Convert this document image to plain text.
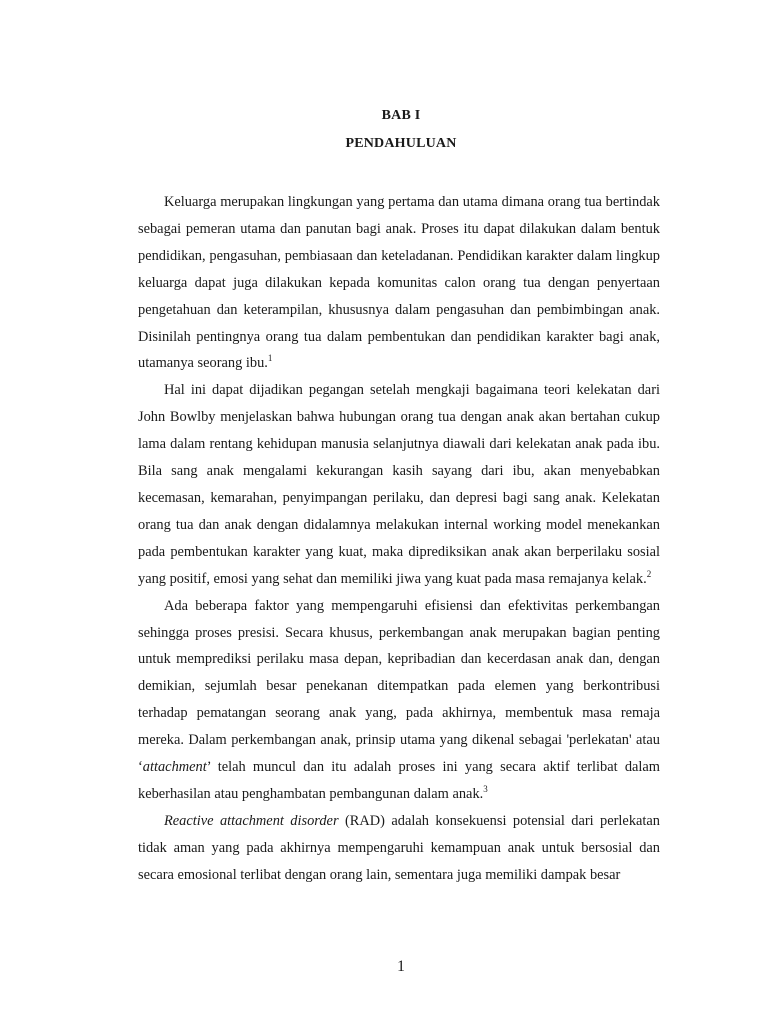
BAB I
PENDAHULUAN

Keluarga merupakan lingkungan yang pertama dan utama dimana orang tua bertindak sebagai pemeran utama dan panutan bagi anak. Proses itu dapat dilakukan dalam bentuk pendidikan, pengasuhan, pembiasaan dan keteladanan. Pendidikan karakter dalam lingkup keluarga dapat juga dilakukan kepada komunitas calon orang tua dengan penyertaan pengetahuan dan keterampilan, khususnya dalam pengasuhan dan pembimbingan anak. Disinilah pentingnya orang tua dalam pembentukan dan pendidikan karakter bagi anak, utamanya seorang ibu.$^1$

Hal ini dapat dijadikan pegangan setelah mengkaji bagaimana teori kelekatan dari John Bowlby menjelaskan bahwa hubungan orang tua dengan anak akan bertahan cukup lama dalam rentang kehidupan manusia selanjutnya diawali dari kelekatan anak pada ibu. Bila sang anak mengalami kekurangan kasih sayang dari ibu, akan menyebabkan kecemasan, kemarahan, penyimpangan perilaku, dan depresi bagi sang anak. Kelekatan orang tua dan anak dengan didalamnya melakukan internal working model menekankan pada pembentukan karakter yang kuat, maka diprediksikan anak akan berperilaku sosial yang positif, emosi yang sehat dan memiliki jiwa yang kuat pada masa remajanya kelak.$^2$

Ada beberapa faktor yang mempengaruhi efisiensi dan efektivitas perkembangan sehingga proses presisi. Secara khusus, perkembangan anak merupakan bagian penting untuk memprediksi perilaku masa depan, kepribadian dan kecerdasan anak dan, dengan demikian, sejumlah besar penekanan ditempatkan pada elemen yang berkontribusi terhadap pematangan seorang anak yang, pada akhirnya, membentuk masa remaja mereka. Dalam perkembangan anak, prinsip utama yang dikenal sebagai 'perlekatan' atau ‘attachment’ telah muncul dan itu adalah proses ini yang secara aktif terlibat dalam keberhasilan atau penghambatan pembangunan dalam anak.$^3$

Reactive attachment disorder (RAD) adalah konsekuensi potensial dari perlekatan tidak aman yang pada akhirnya mempengaruhi kemampuan anak untuk bersosial dan secara emosional terlibat dengan orang lain, sementara juga memiliki dampak besar

1
